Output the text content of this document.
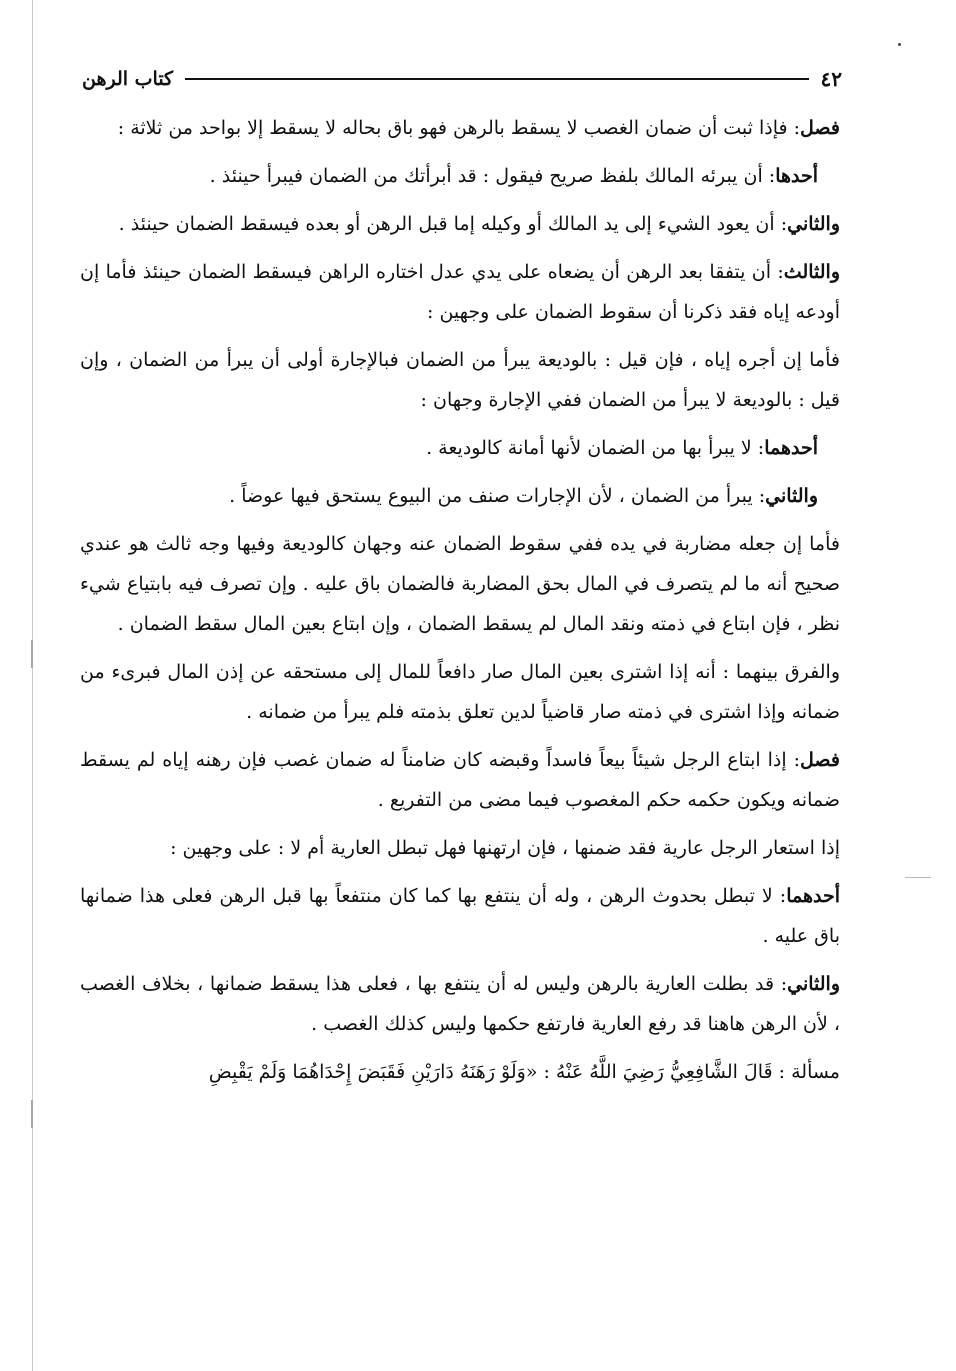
٤٢
كتاب الرهن

فصل: فإذا ثبت أن ضمان الغصب لا يسقط بالرهن فهو باق بحاله لا يسقط إلا بواحد من ثلاثة :

أحدها: أن يبرئه المالك بلفظ صريح فيقول : قد أبرأتك من الضمان فيبرأ حينئذ .

والثاني: أن يعود الشيء إلى يد المالك أو وكيله إما قبل الرهن أو بعده فيسقط الضمان حينئذ .

والثالث: أن يتفقا بعد الرهن أن يضعاه على يدي عدل اختاره الراهن فيسقط الضمان حينئذ فأما إن أودعه إياه فقد ذكرنا أن سقوط الضمان على وجهين :

فأما إن أجره إياه ، فإن قيل : بالوديعة يبرأ من الضمان فبالإجارة أولى أن يبرأ من الضمان ، وإن قيل : بالوديعة لا يبرأ من الضمان ففي الإجارة وجهان :

أحدهما: لا يبرأ بها من الضمان لأنها أمانة كالوديعة .

والثاني: يبرأ من الضمان ، لأن الإجارات صنف من البيوع يستحق فيها عوضاً .

فأما إن جعله مضاربة في يده ففي سقوط الضمان عنه وجهان كالوديعة وفيها وجه ثالث هو عندي صحيح أنه ما لم يتصرف في المال بحق المضاربة فالضمان باق عليه . وإن تصرف فيه بابتياع شيء نظر ، فإن ابتاع في ذمته ونقد المال لم يسقط الضمان ، وإن ابتاع بعين المال سقط الضمان .

والفرق بينهما : أنه إذا اشترى بعين المال صار دافعاً للمال إلى مستحقه عن إذن المال فبرىء من ضمانه وإذا اشترى في ذمته صار قاضياً لدين تعلق بذمته فلم يبرأ من ضمانه .

فصل: إذا ابتاع الرجل شيئاً بيعاً فاسداً وقبضه كان ضامناً له ضمان غصب فإن رهنه إياه لم يسقط ضمانه ويكون حكمه حكم المغصوب فيما مضى من التفريع .

إذا استعار الرجل عارية فقد ضمنها ، فإن ارتهنها فهل تبطل العارية أم لا : على وجهين :

أحدهما: لا تبطل بحدوث الرهن ، وله أن ينتفع بها كما كان منتفعاً بها قبل الرهن فعلى هذا ضمانها باق عليه .

والثاني: قد بطلت العارية بالرهن وليس له أن ينتفع بها ، فعلى هذا يسقط ضمانها ، بخلاف الغصب ، لأن الرهن هاهنا قد رفع العارية فارتفع حكمها وليس كذلك الغصب .

مسألة : قَالَ الشَّافِعِيُّ رَضِيَ اللَّهُ عَنْهُ : «وَلَوْ رَهَنَهُ دَارَيْنِ فَقَبَضَ إِحْدَاهُمَا وَلَمْ يَقْبِضِ
